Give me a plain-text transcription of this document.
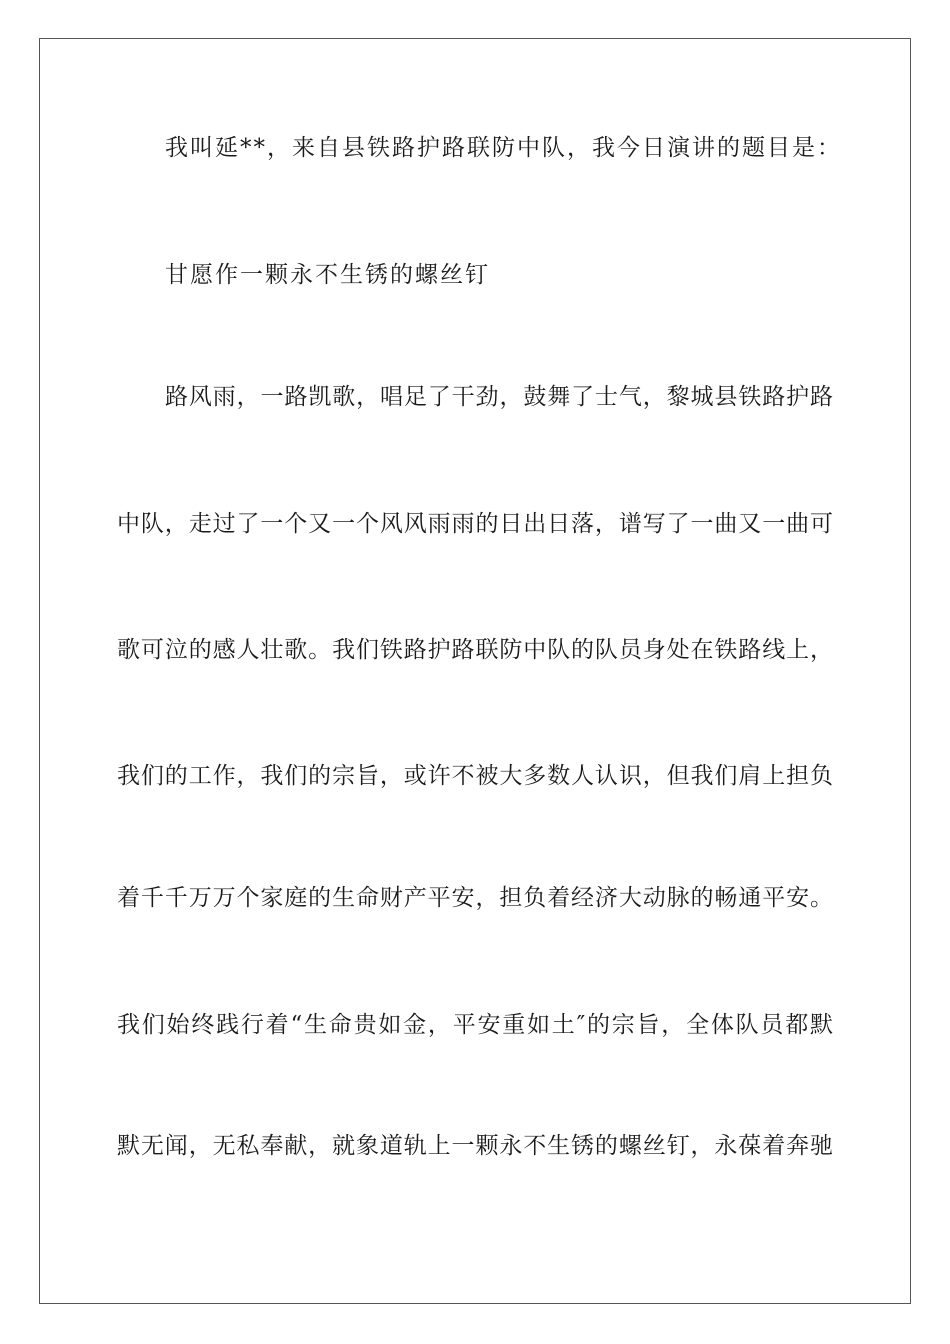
我叫延**，来自县铁路护路联防中队，我今日演讲的题目是：
甘愿作一颗永不生锈的螺丝钉
路风雨，一路凯歌，唱足了干劲，鼓舞了士气，黎城县铁路护路
中队，走过了一个又一个风风雨雨的日出日落，谱写了一曲又一曲可
歌可泣的感人壮歌。我们铁路护路联防中队的队员身处在铁路线上，
我们的工作，我们的宗旨，或许不被大多数人认识，但我们肩上担负
着千千万万个家庭的生命财产平安，担负着经济大动脉的畅通平安。
我们始终践行着“生命贵如金，平安重如土″的宗旨，全体队员都默
默无闻，无私奉献，就象道轨上一颗永不生锈的螺丝钉，永葆着奔驰
